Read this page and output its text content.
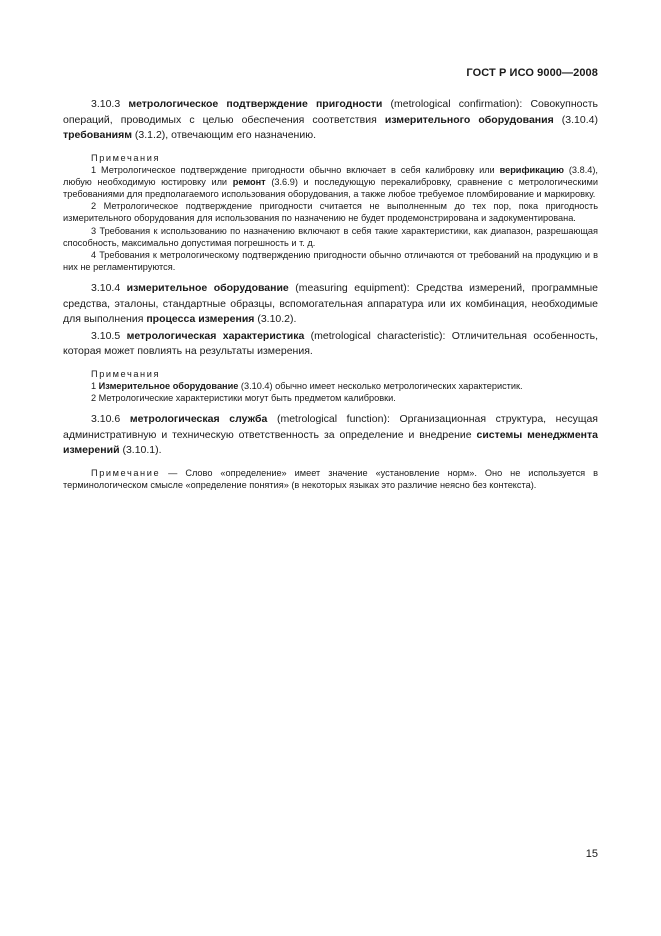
ГОСТ Р ИСО 9000—2008

3.10.3 метрологическое подтверждение пригодности (metrological confirmation): Совокупность операций, проводимых с целью обеспечения соответствия измерительного оборудования (3.10.4) требованиям (3.1.2), отвечающим его назначению.

Примечания

1 Метрологическое подтверждение пригодности обычно включает в себя калибровку или верификацию (3.8.4), любую необходимую юстировку или ремонт (3.6.9) и последующую перекалибровку, сравнение с метрологическими требованиями для предполагаемого использования оборудования, а также любое требуемое пломбирование и маркировку.

2 Метрологическое подтверждение пригодности считается не выполненным до тех пор, пока пригодность измерительного оборудования для использования по назначению не будет продемонстрирована и задокументирована.

3 Требования к использованию по назначению включают в себя такие характеристики, как диапазон, разрешающая способность, максимально допустимая погрешность и т. д.

4 Требования к метрологическому подтверждению пригодности обычно отличаются от требований на продукцию и в них не регламентируются.

3.10.4 измерительное оборудование (measuring equipment): Средства измерений, программные средства, эталоны, стандартные образцы, вспомогательная аппаратура или их комбинация, необходимые для выполнения процесса измерения (3.10.2).

3.10.5 метрологическая характеристика (metrological characteristic): Отличительная особенность, которая может повлиять на результаты измерения.

Примечания

1 Измерительное оборудование (3.10.4) обычно имеет несколько метрологических характеристик.

2 Метрологические характеристики могут быть предметом калибровки.

3.10.6 метрологическая служба (metrological function): Организационная структура, несущая административную и техническую ответственность за определение и внедрение системы менеджмента измерений (3.10.1).

Примечание — Слово «определение» имеет значение «установление норм». Оно не используется в терминологическом смысле «определение понятия» (в некоторых языках это различие неясно без контекста).

15
